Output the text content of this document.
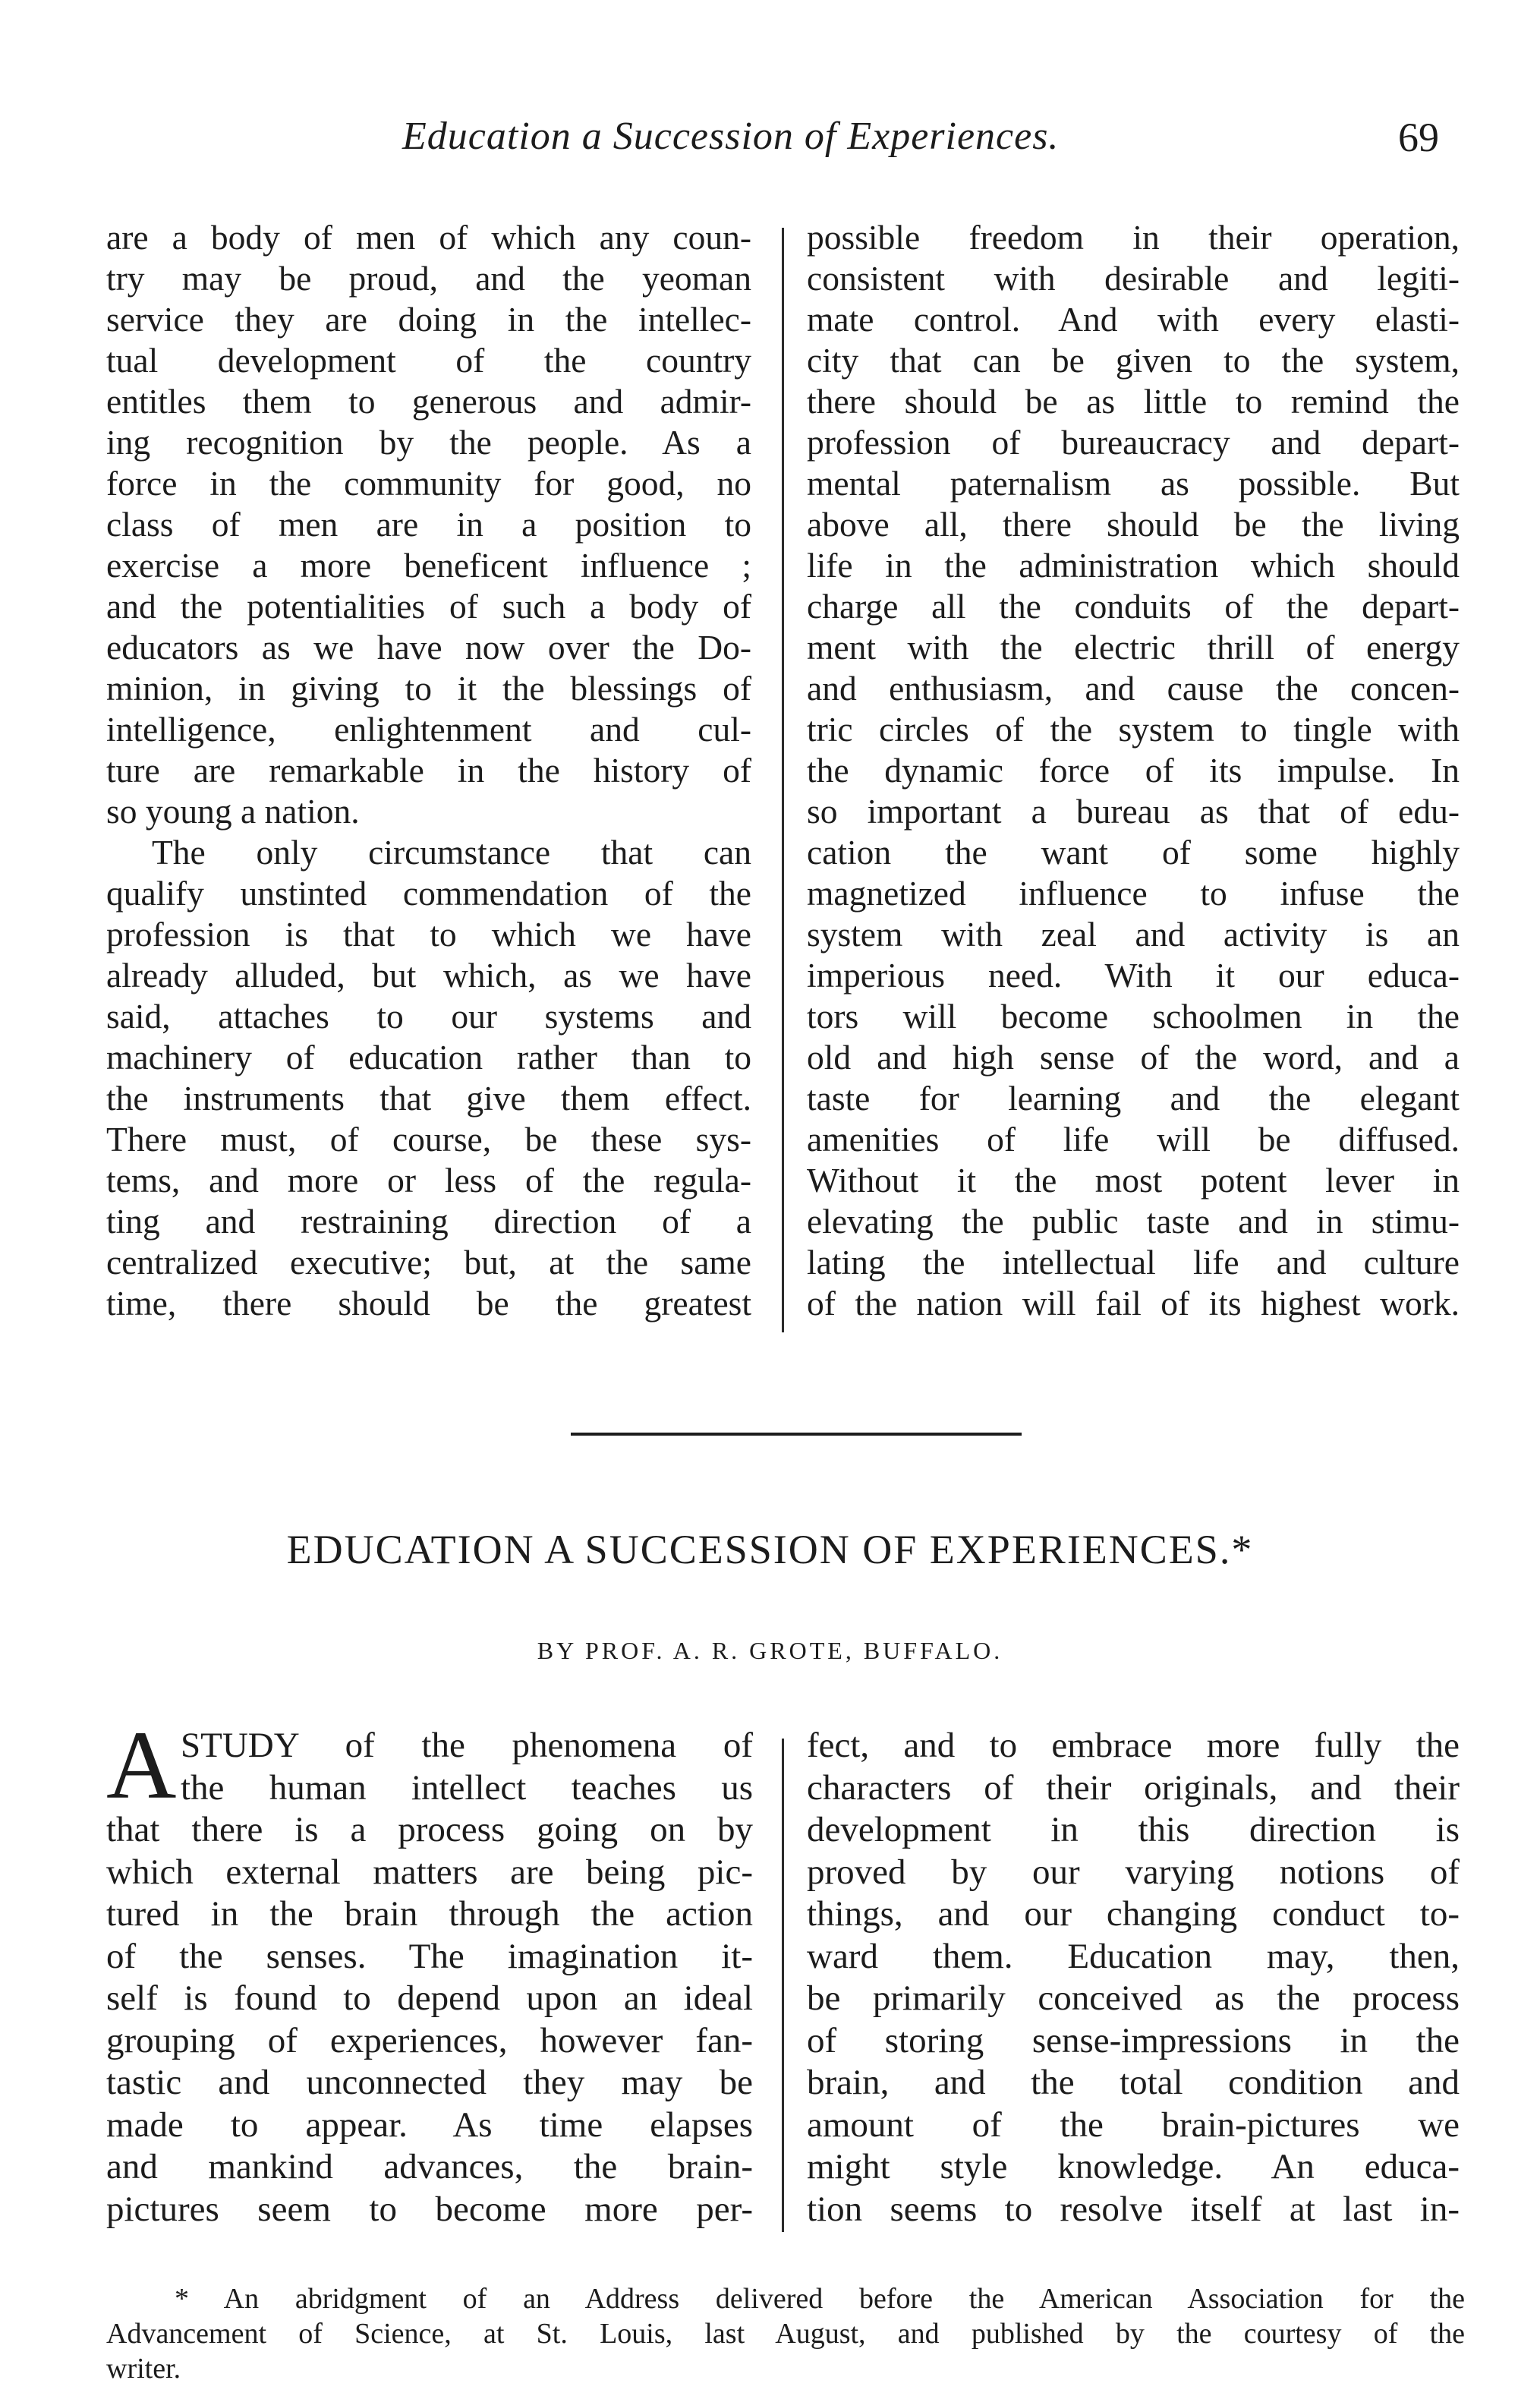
Education a Succession of Experiences.	69
are a body of men of which any coun-
try may be proud, and the yeoman
service they are doing in the intellec-
tual development of the country
entitles them to generous and admir-
ing recognition by the people. As a
force in the community for good, no
class of men are in a position to
exercise a more beneficent influence ;
and the potentialities of such a body of
educators as we have now over the Do-
minion, in giving to it the blessings of
intelligence, enlightenment and cul-
ture are remarkable in the history of
so young a nation.
The only circumstance that can
qualify unstinted commendation of the
profession is that to which we have
already alluded, but which, as we have
said, attaches to our systems and
machinery of education rather than to
the instruments that give them effect.
There must, of course, be these sys-
tems, and more or less of the regula-
ting and restraining direction of a
centralized executive; but, at the same
time, there should be the greatest
possible freedom in their operation,
consistent with desirable and legiti-
mate control. And with every elasti-
city that can be given to the system,
there should be as little to remind the
profession of bureaucracy and depart-
mental paternalism as possible. But
above all, there should be the living
life in the administration which should
charge all the conduits of the depart-
ment with the electric thrill of energy
and enthusiasm, and cause the concen-
tric circles of the system to tingle with
the dynamic force of its impulse. In
so important a bureau as that of edu-
cation the want of some highly
magnetized influence to infuse the
system with zeal and activity is an
imperious need. With it our educa-
tors will become schoolmen in the
old and high sense of the word, and a
taste for learning and the elegant
amenities of life will be diffused.
Without it the most potent lever in
elevating the public taste and in stimu-
lating the intellectual life and culture
of the nation will fail of its highest work.
EDUCATION A SUCCESSION OF EXPERIENCES.*
BY PROF. A. R. GROTE, BUFFALO.
A STUDY of the phenomena of
the human intellect teaches us
that there is a process going on by
which external matters are being pic-
tured in the brain through the action
of the senses. The imagination it-
self is found to depend upon an ideal
grouping of experiences, however fan-
tastic and unconnected they may be
made to appear. As time elapses
and mankind advances, the brain-
pictures seem to become more per-
fect, and to embrace more fully the
characters of their originals, and their
development in this direction is
proved by our varying notions of
things, and our changing conduct to-
ward them. Education may, then,
be primarily conceived as the process
of storing sense-impressions in the
brain, and the total condition and
amount of the brain-pictures we
might style knowledge. An educa-
tion seems to resolve itself at last in-
* An abridgment of an Address delivered before the American Association for the
Advancement of Science, at St. Louis, last August, and published by the courtesy of the
writer.
